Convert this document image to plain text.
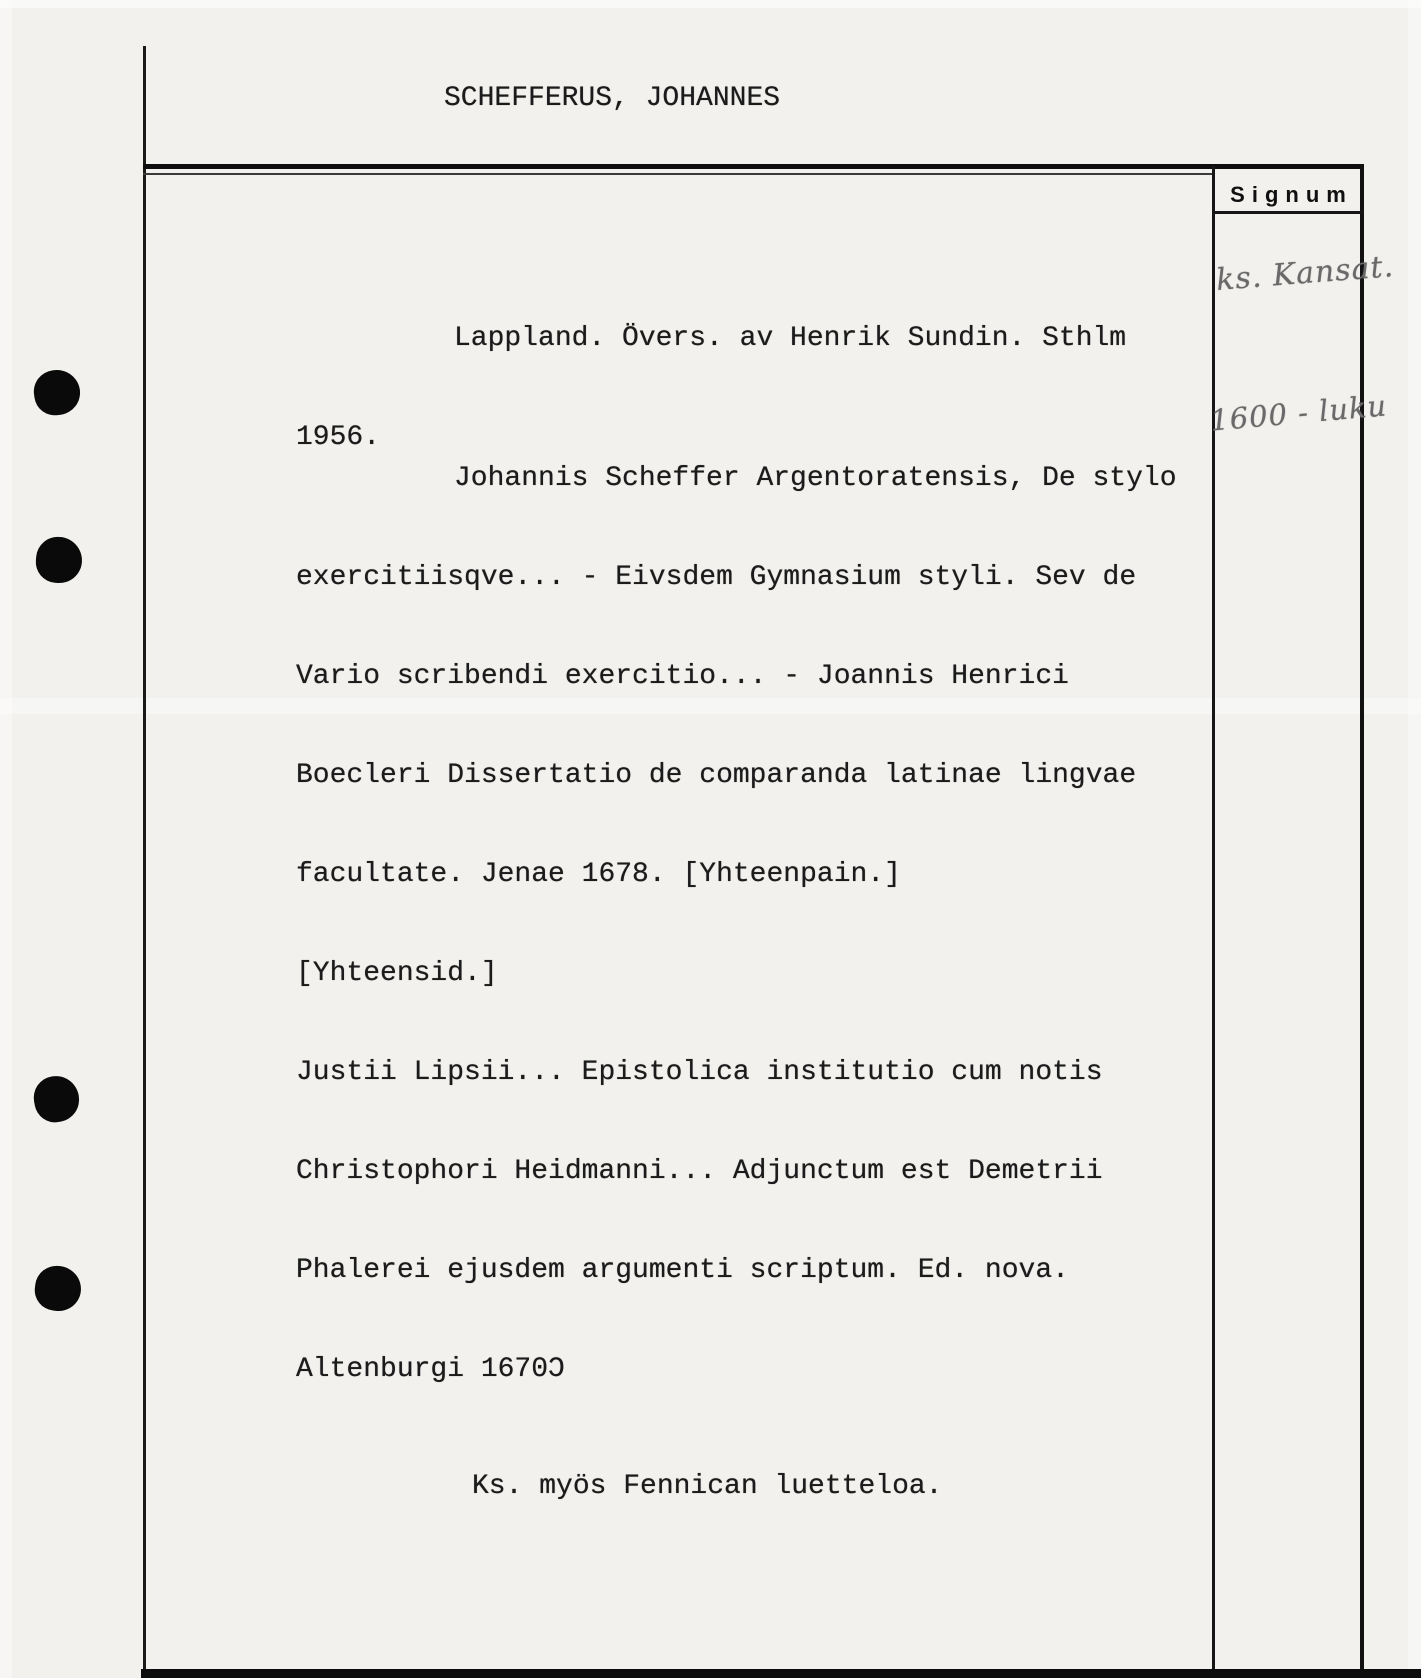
SCHEFFERUS, JOHANNES
Signum
ks. Kansat.
1600 - luku

Lappland. Övers. av Henrik Sundin. Sthlm

1956.

Johannis Scheffer Argentoratensis, De stylo

exercitiisqve... - Eivsdem Gymnasium styli. Sev de

Vario scribendi exercitio... - Joannis Henrici

Boecleri Dissertatio de comparanda latinae lingvae

facultate. Jenae 1678. [Yhteenpain.]

[Yhteensid.]

Justii Lipsii... Epistolica institutio cum notis

Christophori Heidmanni... Adjunctum est Demetrii

Phalerei ejusdem argumenti scriptum. Ed. nova.

Altenburgi 1670Ɔ

Ks. myös Fennican luetteloa.
